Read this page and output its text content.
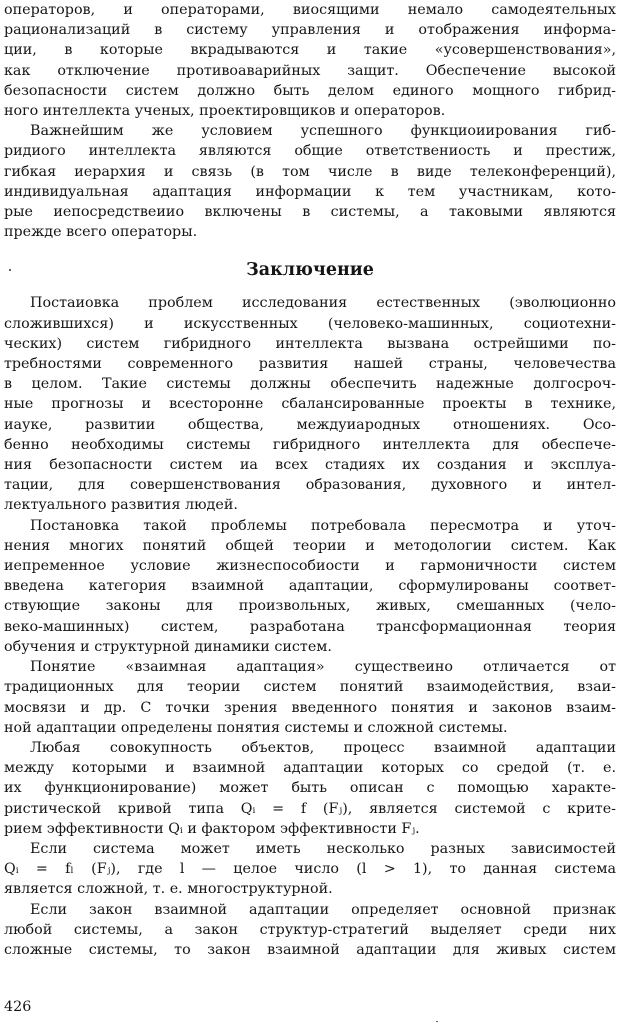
операторов, и операторами, виосящими немало самодеятельных
рационализаций в систему управления и отображения информа-
ции, в которые вкрадываются и такие «усовершенствования»,
как отключение противоаварийных защит. Обеспечение высокой
безопасности систем должно быть делом единого мощного гибрид-
ного интеллекта ученых, проектировщиков и операторов.

Важнейшим же условием успешного функциоиирования гиб-
ридиого интеллекта являются общие ответствениость и престиж,
гибкая иерархия и связь (в том числе в виде телеконференций),
индивидуальная адаптация информации к тем участникам, кото-
рые иепосредствеиио включены в системы, а таковыми являются
прежде всего операторы.

Заключение

Постаиовка проблем исследования естественных (эволюционно
сложившихся) и искусственных (человеко-машинных, социотехни-
ческих) систем гибридного интеллекта вызвана острейшими по-
требностями современного развития нашей страны, человечества
в целом. Такие системы должны обеспечить надежные долгосроч-
ные прогнозы и всесторонне сбалансированные проекты в технике,
иауке, развитии общества, междуиародных отношениях. Осо-
бенно необходимы системы гибридного интеллекта для обеспече-
ния безопасности систем иа всех стадиях их создания и эксплуа-
тации, для совершенствования образования, духовного и интел-
лектуального развития людей.

Постановка такой проблемы потребовала пересмотра и уточ-
нения многих понятий общей теории и методологии систем. Как
иепременное условие жизнеспособиости и гармоничности систем
введена категория взаимной адаптации, сформулированы соответ-
ствующие законы для произвольных, живых, смешанных (чело-
веко-машинных) систем, разработана трансформационная теория
обучения и структурной динамики систем.

Понятие «взаимная адаптация» существеино отличается от
традиционных для теории систем понятий взаимодействия, взаи-
мосвязи и др. С точки зрения введенного понятия и законов взаим-
ной адаптации определены понятия системы и сложной системы.

Любая совокупность объектов, процесс взаимной адаптации
между которыми и взаимной адаптации которых со средой (т. е.
их функционирование) может быть описан с помощью характе-
ристической кривой типа Qᵢ = f (Fⱼ), является системой с крите-
рием эффективности Qᵢ и фактором эффективности Fⱼ.

Если система может иметь несколько разных зависимостей
Qᵢ = fₗ (Fⱼ), где l — целое число (l > 1), то данная система
является сложной, т. е. многоструктурной.

Если закон взаимной адаптации определяет основной признак
любой системы, а закон структур-стратегий выделяет среди них
сложные системы, то закон взаимной адаптации для живых систем

426
